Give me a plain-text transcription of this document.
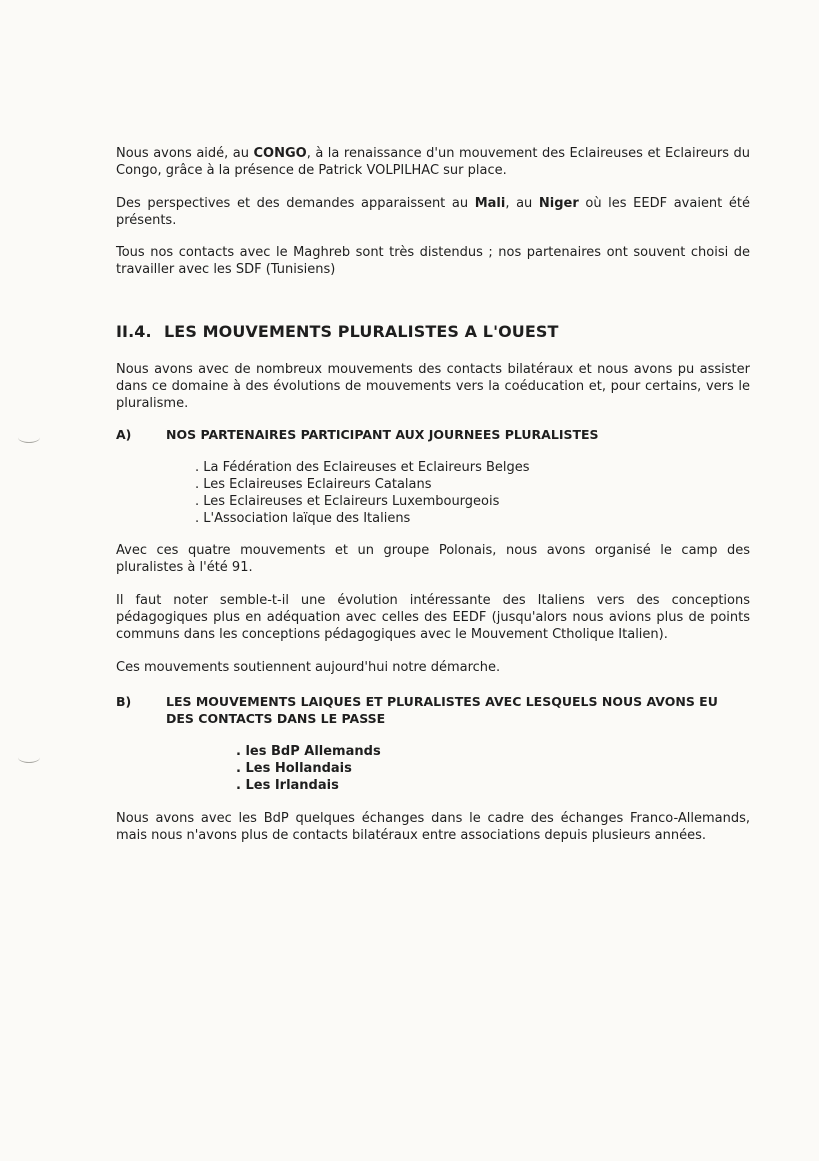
Nous avons aidé, au CONGO, à la renaissance d'un mouvement des Eclaireuses et Eclaireurs du Congo, grâce à la présence de Patrick VOLPILHAC sur place.

Des perspectives et des demandes apparaissent au Mali, au Niger où les EEDF avaient été présents.

Tous nos contacts avec le Maghreb sont très distendus ; nos partenaires ont souvent choisi de travailler avec les SDF (Tunisiens)

II.4. LES MOUVEMENTS PLURALISTES A L'OUEST

Nous avons avec de nombreux mouvements des contacts bilatéraux et nous avons pu assister dans ce domaine à des évolutions de mouvements vers la coéducation et, pour certains, vers le pluralisme.

A)	NOS PARTENAIRES PARTICIPANT AUX JOURNEES PLURALISTES
. La Fédération des Eclaireuses et Eclaireurs Belges
. Les Eclaireuses Eclaireurs Catalans
. Les Eclaireuses et Eclaireurs Luxembourgeois
. L'Association laïque des Italiens

Avec ces quatre mouvements et un groupe Polonais, nous avons organisé le camp des pluralistes à l'été 91.

Il faut noter semble-t-il une évolution intéressante des Italiens vers des conceptions pédagogiques plus en adéquation avec celles des EEDF (jusqu'alors nous avions plus de points communs dans les conceptions pédagogiques avec le Mouvement Ctholique Italien).

Ces mouvements soutiennent aujourd'hui notre démarche.

B)	LES MOUVEMENTS LAIQUES ET PLURALISTES AVEC LESQUELS NOUS AVONS EU DES CONTACTS DANS LE PASSE
. les BdP Allemands
. Les Hollandais
. Les Irlandais

Nous avons avec les BdP quelques échanges dans le cadre des échanges Franco-Allemands, mais nous n'avons plus de contacts bilatéraux entre associations depuis plusieurs années.
